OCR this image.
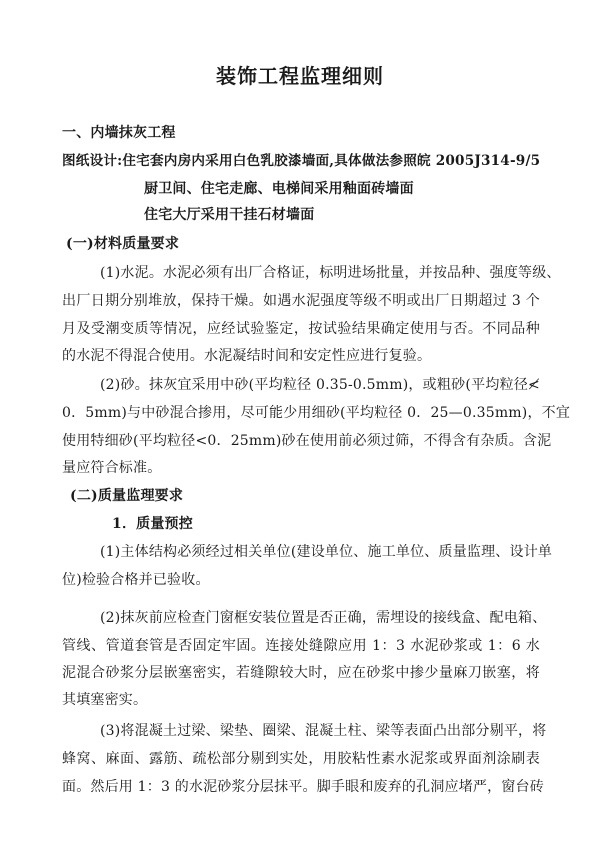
装饰工程监理细则
一、内墙抹灰工程
图纸设计:住宅套内房内采用白色乳胶漆墙面,具体做法参照皖 2005J314-9/5
厨卫间、住宅走廊、电梯间采用釉面砖墙面
住宅大厅采用干挂石材墙面
(一)材料质量要求
(1)水泥。水泥必须有出厂合格证，标明进场批量，并按品种、强度等级、
出厂日期分别堆放，保持干燥。如遇水泥强度等级不明或出厂日期超过 3 个
月及受潮变质等情况，应经试验鉴定，按试验结果确定使用与否。不同品种
的水泥不得混合使用。水泥凝结时间和安定性应进行复验。
(2)砂。抹灰宜采用中砂(平均粒径 0.35-0.5mm)，或粗砂(平均粒径≮
0．5mm)与中砂混合掺用，尽可能少用细砂(平均粒径 0．25—0.35mm)，不宜
使用特细砂(平均粒径<0．25mm)砂在使用前必须过筛，不得含有杂质。含泥
量应符合标准。
(二)质量监理要求
1．质量预控
(1)主体结构必须经过相关单位(建设单位、施工单位、质量监理、设计单
位)检验合格并已验收。
(2)抹灰前应检查门窗框安装位置是否正确，需埋设的接线盒、配电箱、
管线、管道套管是否固定牢固。连接处缝隙应用 1：3 水泥砂浆或 1：6 水
泥混合砂浆分层嵌塞密实，若缝隙较大时，应在砂浆中掺少量麻刀嵌塞，将
其填塞密实。
(3)将混凝土过梁、梁垫、圈梁、混凝土柱、梁等表面凸出部分剔平，将
蜂窝、麻面、露筋、疏松部分剔到实处，用胶粘性素水泥浆或界面剂涂刷表
面。然后用 1：3 的水泥砂浆分层抹平。脚手眼和废弃的孔洞应堵严，窗台砖
